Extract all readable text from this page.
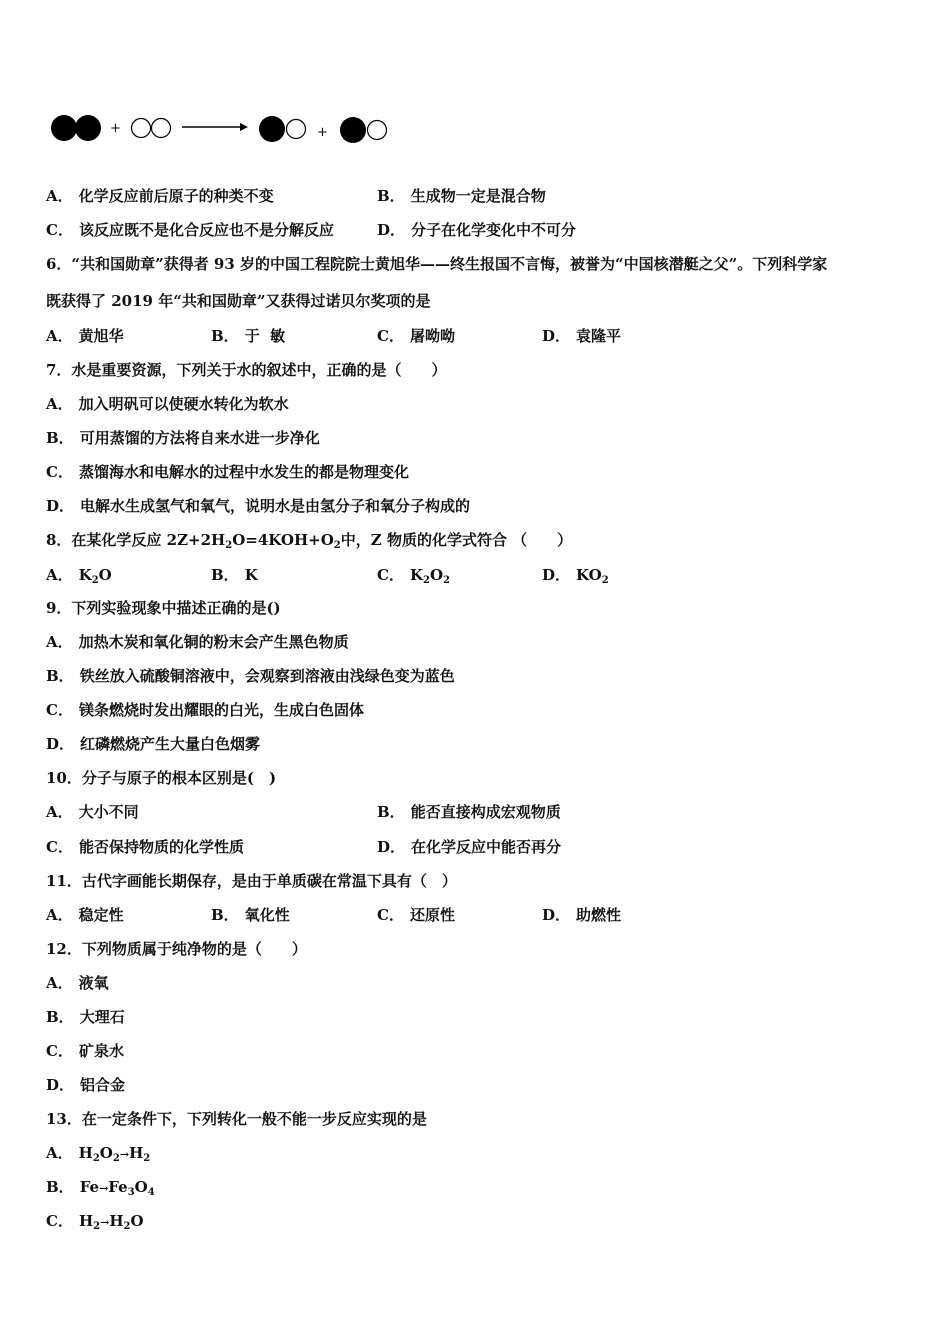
+	+
A． 化学反应前后原子的种类不变	B． 生成物一定是混合物
C． 该反应既不是化合反应也不是分解反应	D． 分子在化学变化中不可分
6．“共和国勋章”获得者 93 岁的中国工程院院士黄旭华——终生报国不言悔，被誉为“中国核潜艇之父”。下列科学家
既获得了 2019 年“共和国勋章”又获得过诺贝尔奖项的是
A． 黄旭华	B． 于  敏	C． 屠呦呦	D． 袁隆平
7．水是重要资源，下列关于水的叙述中，正确的是（　　）
A． 加入明矾可以使硬水转化为软水
B． 可用蒸馏的方法将自来水进一步净化
C． 蒸馏海水和电解水的过程中水发生的都是物理变化
D． 电解水生成氢气和氧气，说明水是由氢分子和氧分子构成的
8．在某化学反应 $2Z+2H_2O=4KOH+O_2$中，Z 物质的化学式符合 （　　）
A． $K_2O$	B． K	C． $K_2O_2$	D． $KO_2$
9．下列实验现象中描述正确的是()
A． 加热木炭和氧化铜的粉末会产生黑色物质
B． 铁丝放入硫酸铜溶液中，会观察到溶液由浅绿色变为蓝色
C． 镁条燃烧时发出耀眼的白光，生成白色固体
D． 红磷燃烧产生大量白色烟雾
10．分子与原子的根本区别是(　)
A． 大小不同	B． 能否直接构成宏观物质
C． 能否保持物质的化学性质	D． 在化学反应中能否再分
11．古代字画能长期保存，是由于单质碳在常温下具有（　）
A． 稳定性	B． 氧化性	C． 还原性	D． 助燃性
12．下列物质属于纯净物的是（　　）
A． 液氧
B． 大理石
C． 矿泉水
D． 铝合金
13．在一定条件下，下列转化一般不能一步反应实现的是
A． $H_2O_2\to H_2$
B． $Fe\to Fe_3O_4$
C． $H_2\to H_2O$
